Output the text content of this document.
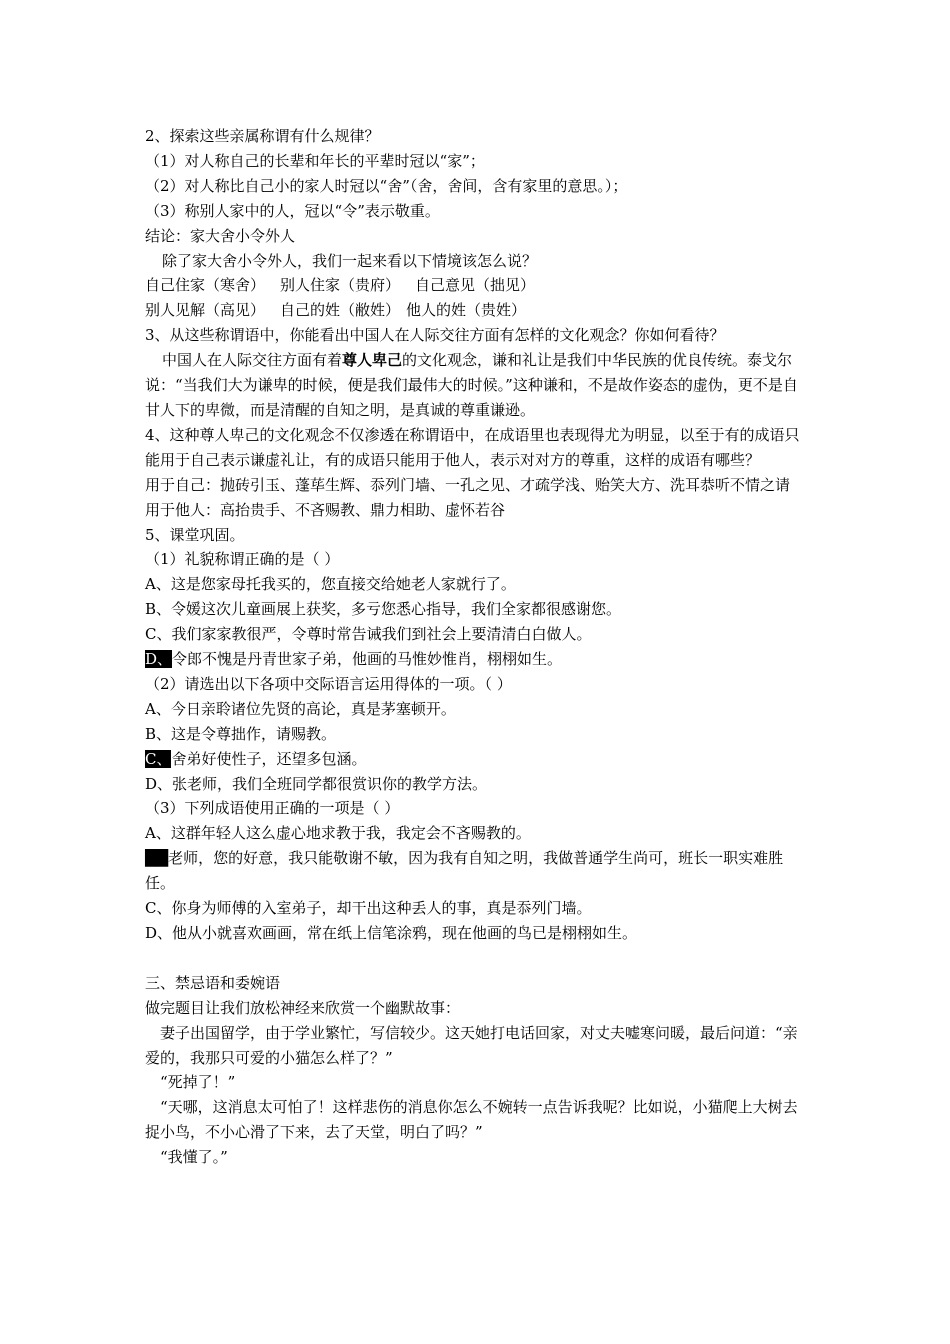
2、探索这些亲属称谓有什么规律？

（1）对人称自己的长辈和年长的平辈时冠以“家”；

（2）对人称比自己小的家人时冠以“舍”（舍，舍间，含有家里的意思。）；

（3）称别人家中的人，冠以“令”表示敬重。

结论：家大舍小令外人

除了家大舍小令外人，我们一起来看以下情境该怎么说？

自己住家（寒舍） 别人住家（贵府） 自己意见（拙见）

别人见解（高见） 自己的姓（敝姓） 他人的姓（贵姓）

3、从这些称谓语中，你能看出中国人在人际交往方面有怎样的文化观念？你如何看待？

中国人在人际交往方面有着尊人卑己的文化观念，谦和礼让是我们中华民族的优良传统。泰戈尔说：“当我们大为谦卑的时候，便是我们最伟大的时候。”这种谦和，不是故作姿态的虚伪，更不是自甘人下的卑微，而是清醒的自知之明，是真诚的尊重谦逊。

4、这种尊人卑己的文化观念不仅渗透在称谓语中，在成语里也表现得尤为明显，以至于有的成语只能用于自己表示谦虚礼让，有的成语只能用于他人，表示对对方的尊重，这样的成语有哪些？

用于自己：抛砖引玉、蓬荜生辉、忝列门墙、一孔之见、才疏学浅、贻笑大方、洗耳恭听不情之请

用于他人：高抬贵手、不吝赐教、鼎力相助、虚怀若谷

5、课堂巩固。

（1）礼貌称谓正确的是（ ）

A、这是您家母托我买的，您直接交给她老人家就行了。

B、令媛这次儿童画展上获奖，多亏您悉心指导，我们全家都很感谢您。

C、我们家家教很严，令尊时常告诫我们到社会上要清清白白做人。

D、令郎不愧是丹青世家子弟，他画的马惟妙惟肖，栩栩如生。

（2）请选出以下各项中交际语言运用得体的一项。（ ）

A、今日亲聆诸位先贤的高论，真是茅塞顿开。

B、这是令尊拙作，请赐教。

C、舍弟好使性子，还望多包涵。

D、张老师，我们全班同学都很赏识你的教学方法。

（3）下列成语使用正确的一项是（ ）

A、这群年轻人这么虚心地求教于我，我定会不吝赐教的。

██老师，您的好意，我只能敬谢不敏，因为我有自知之明，我做普通学生尚可，班长一职实难胜任。

C、你身为师傅的入室弟子，却干出这种丢人的事，真是忝列门墙。

D、他从小就喜欢画画，常在纸上信笔涂鸦，现在他画的鸟已是栩栩如生。

三、禁忌语和委婉语

做完题目让我们放松神经来欣赏一个幽默故事：

妻子出国留学，由于学业繁忙，写信较少。这天她打电话回家，对丈夫嘘寒问暖，最后问道：“亲爱的，我那只可爱的小猫怎么样了？”

“死掉了！”

“天哪，这消息太可怕了！这样悲伤的消息你怎么不婉转一点告诉我呢？比如说，小猫爬上大树去捉小鸟，不小心滑了下来，去了天堂，明白了吗？”

“我懂了。”
